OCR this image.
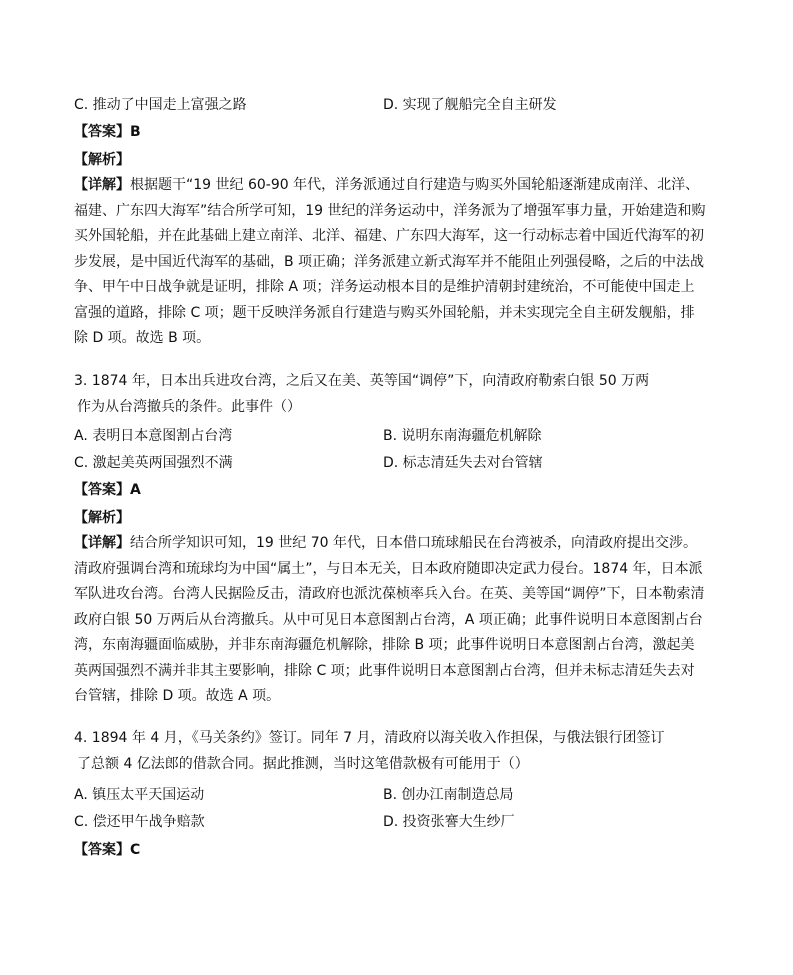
C. 推动了中国走上富强之路	D. 实现了舰船完全自主研发
【答案】B
【解析】
【详解】根据题干“19 世纪 60-90 年代，洋务派通过自行建造与购买外国轮船逐渐建成南洋、北洋、福建、广东四大海军”结合所学可知，19 世纪的洋务运动中，洋务派为了增强军事力量，开始建造和购买外国轮船，并在此基础上建立南洋、北洋、福建、广东四大海军，这一行动标志着中国近代海军的初步发展，是中国近代海军的基础，B 项正确；洋务派建立新式海军并不能阻止列强侵略，之后的中法战争、甲午中日战争就是证明，排除 A 项；洋务运动根本目的是维护清朝封建统治，不可能使中国走上富强的道路，排除 C 项；题干反映洋务派自行建造与购买外国轮船，并未实现完全自主研发舰船，排除 D 项。故选 B 项。
3. 1874 年，日本出兵进攻台湾，之后又在美、英等国“调停”下，向清政府勒索白银 50 万两
作为从台湾撤兵的条件。此事件（）
A. 表明日本意图割占台湾	B. 说明东南海疆危机解除
C. 激起美英两国强烈不满	D. 标志清廷失去对台管辖
【答案】A
【解析】
【详解】结合所学知识可知，19 世纪 70 年代，日本借口琉球船民在台湾被杀，向清政府提出交涉。清政府强调台湾和琉球均为中国“属土”，与日本无关，日本政府随即决定武力侵台。1874 年，日本派军队进攻台湾。台湾人民据险反击，清政府也派沈葆桢率兵入台。在英、美等国“调停”下，日本勒索清政府白银 50 万两后从台湾撤兵。从中可见日本意图割占台湾，A 项正确；此事件说明日本意图割占台湾，东南海疆面临威胁，并非东南海疆危机解除，排除 B 项；此事件说明日本意图割占台湾，激起美英两国强烈不满并非其主要影响，排除 C 项；此事件说明日本意图割占台湾，但并未标志清廷失去对台管辖，排除 D 项。故选 A 项。
4. 1894 年 4 月，《马关条约》签订。同年 7 月，清政府以海关收入作担保，与俄法银行团签订
了总额 4 亿法郎的借款合同。据此推测，当时这笔借款极有可能用于（）
A. 镇压太平天国运动	B. 创办江南制造总局
C. 偿还甲午战争赔款	D. 投资张謇大生纱厂
【答案】C
